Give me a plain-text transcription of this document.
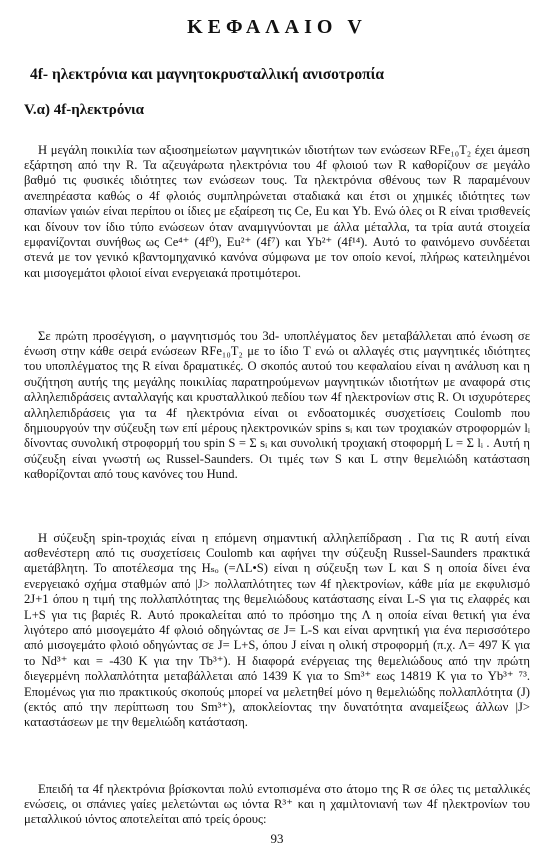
ΚΕΦΑΛΑΙΟ V
4f- ηλεκτρόνια και μαγνητοκρυσταλλική ανισοτροπία
V.α) 4f-ηλεκτρόνια

Η μεγάλη ποικιλία των αξιοσημείωτων μαγνητικών ιδιοτήτων των ενώσεων RFe₁₀T₂ έχει άμεση εξάρτηση από την R. Τα αζευγάρωτα ηλεκτρόνια του 4f φλοιού των R καθορίζουν σε μεγάλο βαθμό τις φυσικές ιδιότητες των ενώσεων τους. Τα ηλεκτρόνια σθένους των R παραμένουν ανεπηρέαστα καθώς ο 4f φλοιός συμπληρώνεται σταδιακά και έτσι οι χημικές ιδιότητες των σπανίων γαιών είναι περίπου οι ίδιες με εξαίρεση τις Ce, Eu και Yb. Ενώ όλες οι R είναι τρισθενείς και δίνουν τον ίδιο τύπο ενώσεων όταν αναμιγνύονται με άλλα μέταλλα, τα τρία αυτά στοιχεία εμφανίζονται συνήθως ως Ce⁴⁺ (4f⁰), Eu²⁺ (4f⁷) και Yb²⁺ (4f¹⁴). Αυτό το φαινόμενο συνδέεται στενά με τον γενικό κβαντομηχανικό κανόνα σύμφωνα με τον οποίο κενοί, πλήρως κατειλημένοι και μισογεμάτοι φλοιοί είναι ενεργειακά προτιμότεροι.

Σε πρώτη προσέγγιση, ο μαγνητισμός του 3d- υποπλέγματος δεν μεταβάλλεται από ένωση σε ένωση στην κάθε σειρά ενώσεων RFe₁₀T₂ με το ίδιο T ενώ οι αλλαγές στις μαγνητικές ιδιότητες του υποπλέγματος της R είναι δραματικές. Ο σκοπός αυτού του κεφαλαίου είναι η ανάλυση και η συζήτηση αυτής της μεγάλης ποικιλίας παρατηρούμενων μαγνητικών ιδιοτήτων με αναφορά στις αλληλεπιδράσεις ανταλλαγής και κρυσταλλικού πεδίου των 4f ηλεκτρονίων στις R. Οι ισχυρότερες αλληλεπιδράσεις για τα 4f ηλεκτρόνια είναι οι ενδοατομικές συσχετίσεις Coulomb που δημιουργούν την σύζευξη των επί μέρους ηλεκτρονικών spins sᵢ και των τροχιακών στροφορμών lᵢ δίνοντας συνολική στροφορμή του spin S = Σ sᵢ και συνολική τροχιακή στοφορμή L = Σ lᵢ . Αυτή η σύζευξη είναι γνωστή ως Russel-Saunders. Οι τιμές των S και L στην θεμελιώδη κατάσταση καθορίζονται από τους κανόνες του Hund.

Η σύζευξη spin-τροχιάς είναι η επόμενη σημαντική αλληλεπίδραση . Για τις R αυτή είναι ασθενέστερη από τις συσχετίσεις Coulomb και αφήνει την σύζευξη Russel-Saunders πρακτικά αμετάβλητη. Το αποτέλεσμα της Hₛₒ (=ΛL•S) είναι η σύζευξη των L και S η οποία δίνει ένα ενεργειακό σχήμα σταθμών από |J> πολλαπλότητες των 4f ηλεκτρονίων, κάθε μία με εκφυλισμό 2J+1 όπου η τιμή της πολλαπλότητας της θεμελιώδους κατάστασης είναι L-S για τις ελαφρές και L+S για τις βαριές R. Αυτό προκαλείται από το πρόσημο της Λ η οποία είναι θετική για ένα λιγότερο από μισογεμάτο 4f φλοιό οδηγώντας σε J= L-S και είναι αρνητική για ένα περισσότερο από μισογεμάτο φλοιό οδηγώντας σε J= L+S, όπου J είναι η ολική στροφορμή (π.χ. Λ= 497 K για το Nd³⁺ και = -430 K για την Tb³⁺). Η διαφορά ενέργειας της θεμελιώδους από την πρώτη διεγερμένη πολλαπλότητα μεταβάλλεται από 1439 K για το Sm³⁺ εως 14819 K για το Yb³⁺ ⁷³. Επομένως για πιο πρακτικούς σκοπούς μπορεί να μελετηθεί μόνο η θεμελιώδης πολλαπλότητα (J) (εκτός από την περίπτωση του Sm³⁺), αποκλείοντας την δυνατότητα αναμείξεως άλλων |J> καταστάσεων με την θεμελιώδη κατάσταση.

Επειδή τα 4f ηλεκτρόνια βρίσκονται πολύ εντοπισμένα στο άτομο της R σε όλες τις μεταλλικές ενώσεις, οι σπάνιες γαίες μελετώνται ως ιόντα R³⁺ και η χαμιλτονιανή των 4f ηλεκτρονίων του μεταλλικού ιόντος αποτελείται από τρείς όρους:

93
